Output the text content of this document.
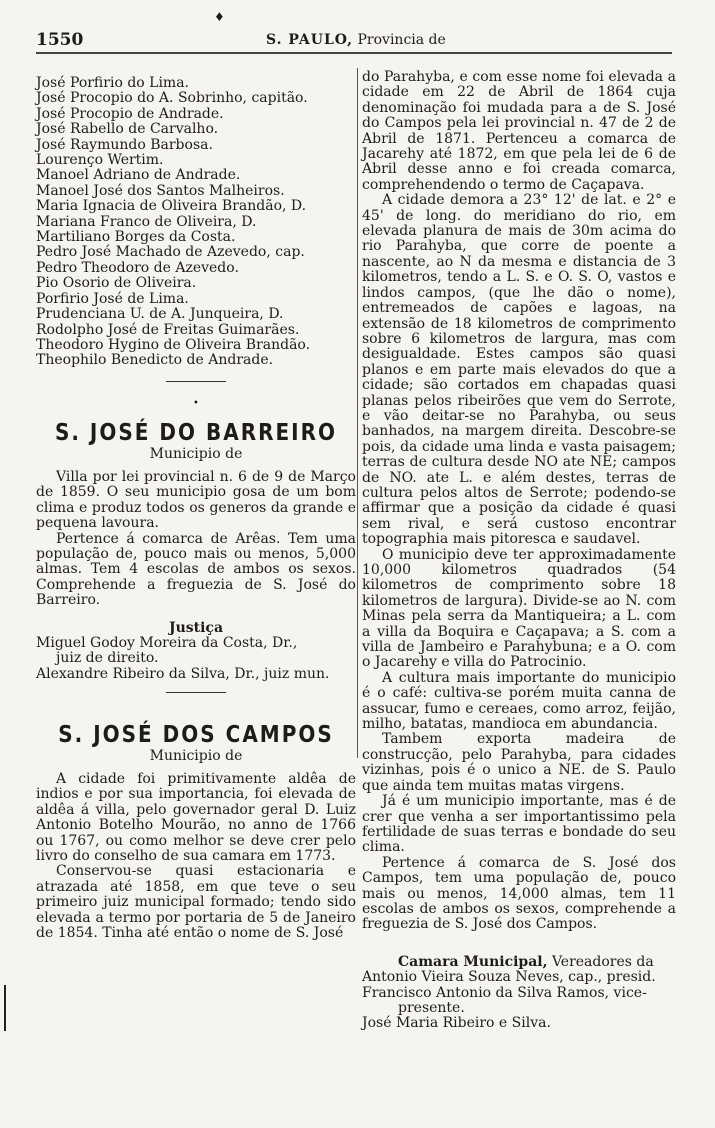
♦
1550	S. PAULO, Provincia de
José Porfirio do Lima.
José Procopio do A. Sobrinho, capitão.
José Procopio de Andrade.
José Rabello de Carvalho.
José Raymundo Barbosa.
Lourenço Wertim.
Manoel Adriano de Andrade.
Manoel José dos Santos Malheiros.
Maria Ignacia de Oliveira Brandão, D.
Mariana Franco de Oliveira, D.
Martiliano Borges da Costa.
Pedro José Machado de Azevedo, cap.
Pedro Theodoro de Azevedo.
Pio Osorio de Oliveira.
Porfirio José de Lima.
Prudenciana U. de A. Junqueira, D.
Rodolpho José de Freitas Guimarães.
Theodoro Hygino de Oliveira Brandão.
Theophilo Benedicto de Andrade.
•
S. JOSÉ DO BARREIRO
Municipio de

Villa por lei provincial n. 6 de 9 de Março de 1859. O seu municipio gosa de um bom clima e produz todos os generos da grande e pequena lavoura.

Pertence á comarca de Arêas. Tem uma população de, pouco mais ou menos, 5,000 almas. Tem 4 escolas de ambos os sexos. Comprehende a freguezia de S. José do Barreiro.

Justiça
Miguel Godoy Moreira da Costa, Dr.,
juiz de direito.
Alexandre Ribeiro da Silva, Dr., juiz mun.
S. JOSÉ DOS CAMPOS
Municipio de

A cidade foi primitivamente aldêa de indios e por sua importancia, foi elevada de aldêa á villa, pelo governador geral D. Luiz Antonio Botelho Mourão, no anno de 1766 ou 1767, ou como melhor se deve crer pelo livro do conselho de sua camara em 1773.

Conservou-se quasi estacionaria e atrazada até 1858, em que teve o seu primeiro juiz municipal formado; tendo sido elevada a termo por portaria de 5 de Janeiro de 1854. Tinha até então o nome de S. José

do Parahyba, e com esse nome foi elevada a cidade em 22 de Abril de 1864 cuja denominação foi mudada para a de S. José do Campos pela lei provincial n. 47 de 2 de Abril de 1871. Pertenceu a comarca de Jacarehy até 1872, em que pela lei de 6 de Abril desse anno e foi creada comarca, comprehendendo o termo de Caçapava.

A cidade demora a 23° 12' de lat. e 2° e 45' de long. do meridiano do rio, em elevada planura de mais de 30m acima do rio Parahyba, que corre de poente a nascente, ao N da mesma e distancia de 3 kilometros, tendo a L. S. e O. S. O, vastos e lindos campos, (que lhe dão o nome), entremeados de capões e lagoas, na extensão de 18 kilometros de comprimento sobre 6 kilometros de largura, mas com desigualdade. Estes campos são quasi planos e em parte mais elevados do que a cidade; são cortados em chapadas quasi planas pelos ribeirões que vem do Serrote, e vão deitar-se no Parahyba, ou seus banhados, na margem direita. Descobre-se pois, da cidade uma linda e vasta paisagem; terras de cultura desde NO ate NE; campos de NO. ate L. e além destes, terras de cultura pelos altos de Serrote; podendo-se affirmar que a posição da cidade é quasi sem rival, e será custoso encontrar topographia mais pitoresca e saudavel.

O municipio deve ter approximadamente 10,000 kilometros quadrados (54 kilometros de comprimento sobre 18 kilometros de largura). Divide-se ao N. com Minas pela serra da Mantiqueira; a L. com a villa da Boquira e Caçapava; a S. com a villa de Jambeiro e Parahybuna; e a O. com o Jacarehy e villa do Patrocinio.

A cultura mais importante do municipio é o café: cultiva-se porém muita canna de assucar, fumo e cereaes, como arroz, feijão, milho, batatas, mandioca em abundancia.

Tambem exporta madeira de construcção, pelo Parahyba, para cidades vizinhas, pois é o unico a NE. de S. Paulo que ainda tem muitas matas virgens.

Já é um municipio importante, mas é de crer que venha a ser importantissimo pela fertilidade de suas terras e bondade do seu clima.

Pertence á comarca de S. José dos Campos, tem uma população de, pouco mais ou menos, 14,000 almas, tem 11 escolas de ambos os sexos, comprehende a freguezia de S. José dos Campos.

Camara Municipal, Vereadores da
Antonio Vieira Souza Neves, cap., presid.
Francisco Antonio da Silva Ramos, vice-
presente.
José Maria Ribeiro e Silva.
